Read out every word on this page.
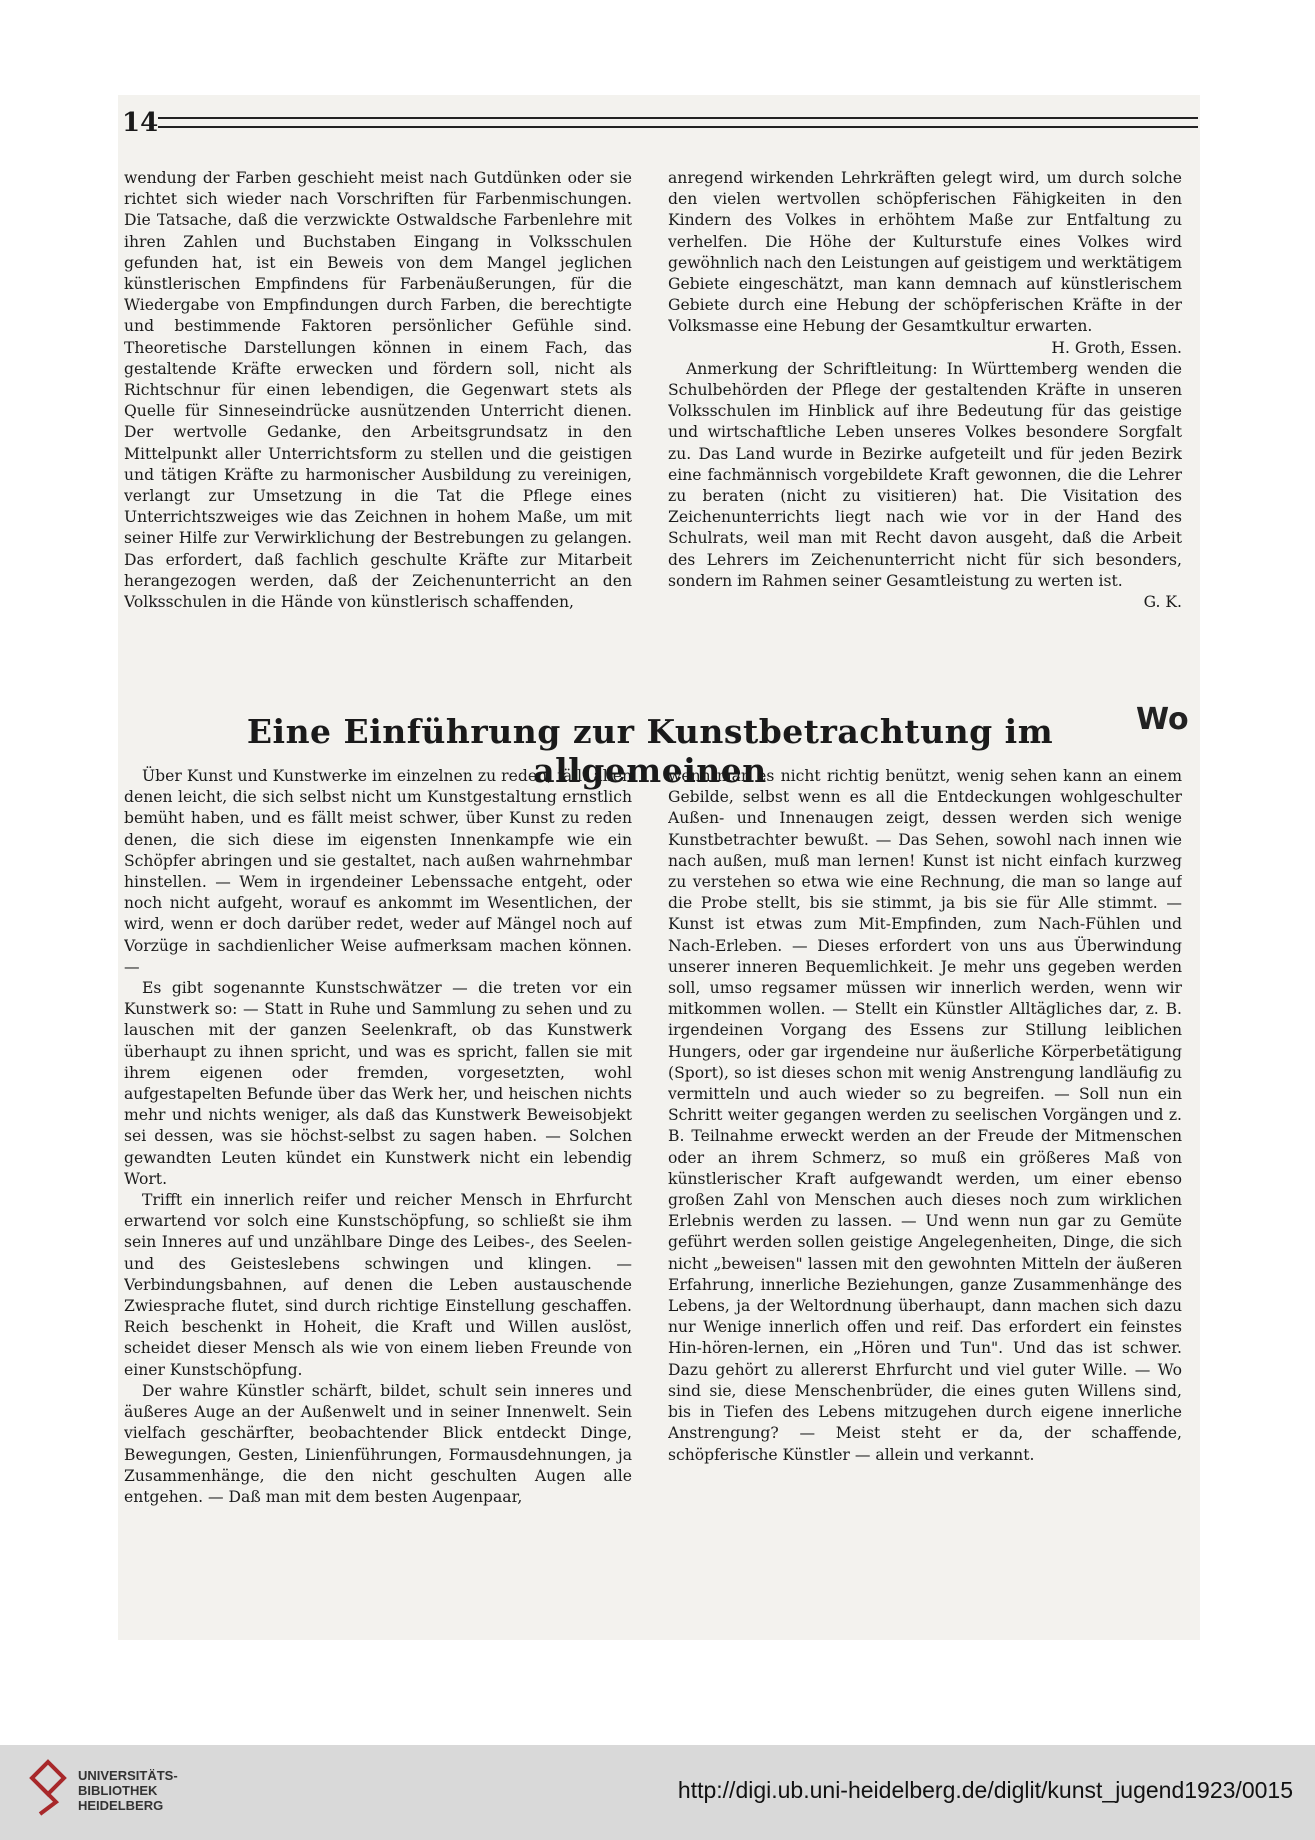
14

wendung der Farben geschieht meist nach Gutdünken oder sie richtet sich wieder nach Vorschriften für Farbenmischungen. Die Tatsache, daß die verzwickte Ostwaldsche Farbenlehre mit ihren Zahlen und Buchstaben Eingang in Volksschulen gefunden hat, ist ein Beweis von dem Mangel jeglichen künstlerischen Empfindens für Farbenäußerungen, für die Wiedergabe von Empfindungen durch Farben, die berechtigte und bestimmende Faktoren persönlicher Gefühle sind. Theoretische Darstellungen können in einem Fach, das gestaltende Kräfte erwecken und fördern soll, nicht als Richtschnur für einen lebendigen, die Gegenwart stets als Quelle für Sinneseindrücke ausnützenden Unterricht dienen. Der wertvolle Gedanke, den Arbeitsgrundsatz in den Mittelpunkt aller Unterrichtsform zu stellen und die geistigen und tätigen Kräfte zu harmonischer Ausbildung zu vereinigen, verlangt zur Umsetzung in die Tat die Pflege eines Unterrichtszweiges wie das Zeichnen in hohem Maße, um mit seiner Hilfe zur Verwirklichung der Bestrebungen zu gelangen. Das erfordert, daß fachlich geschulte Kräfte zur Mitarbeit herangezogen werden, daß der Zeichenunterricht an den Volksschulen in die Hände von künstlerisch schaffenden,

anregend wirkenden Lehrkräften gelegt wird, um durch solche den vielen wertvollen schöpferischen Fähigkeiten in den Kindern des Volkes in erhöhtem Maße zur Entfaltung zu verhelfen. Die Höhe der Kulturstufe eines Volkes wird gewöhnlich nach den Leistungen auf geistigem und werktätigem Gebiete eingeschätzt, man kann demnach auf künstlerischem Gebiete durch eine Hebung der schöpferischen Kräfte in der Volksmasse eine Hebung der Gesamtkultur erwarten.

H. Groth, Essen.

Anmerkung der Schriftleitung: In Württemberg wenden die Schulbehörden der Pflege der gestaltenden Kräfte in unseren Volksschulen im Hinblick auf ihre Bedeutung für das geistige und wirtschaftliche Leben unseres Volkes besondere Sorgfalt zu. Das Land wurde in Bezirke aufgeteilt und für jeden Bezirk eine fachmännisch vorgebildete Kraft gewonnen, die die Lehrer zu beraten (nicht zu visitieren) hat. Die Visitation des Zeichenunterrichts liegt nach wie vor in der Hand des Schulrats, weil man mit Recht davon ausgeht, daß die Arbeit des Lehrers im Zeichenunterricht nicht für sich besonders, sondern im Rahmen seiner Gesamtleistung zu werten ist.

G. K.

Eine Einführung zur Kunstbetrachtung im allgemeinen
Wo

Über Kunst und Kunstwerke im einzelnen zu reden, fällt allen denen leicht, die sich selbst nicht um Kunstgestaltung ernstlich bemüht haben, und es fällt meist schwer, über Kunst zu reden denen, die sich diese im eigensten Innenkampfe wie ein Schöpfer abringen und sie gestaltet, nach außen wahrnehmbar hinstellen. — Wem in irgendeiner Lebenssache entgeht, oder noch nicht aufgeht, worauf es ankommt im Wesentlichen, der wird, wenn er doch darüber redet, weder auf Mängel noch auf Vorzüge in sachdienlicher Weise aufmerksam machen können. —

Es gibt sogenannte Kunstschwätzer — die treten vor ein Kunstwerk so: — Statt in Ruhe und Sammlung zu sehen und zu lauschen mit der ganzen Seelenkraft, ob das Kunstwerk überhaupt zu ihnen spricht, und was es spricht, fallen sie mit ihrem eigenen oder fremden, vorgesetzten, wohl aufgestapelten Befunde über das Werk her, und heischen nichts mehr und nichts weniger, als daß das Kunstwerk Beweisobjekt sei dessen, was sie höchst-selbst zu sagen haben. — Solchen gewandten Leuten kündet ein Kunstwerk nicht ein lebendig Wort.

Trifft ein innerlich reifer und reicher Mensch in Ehrfurcht erwartend vor solch eine Kunstschöpfung, so schließt sie ihm sein Inneres auf und unzählbare Dinge des Leibes-, des Seelen- und des Geisteslebens schwingen und klingen. — Verbindungsbahnen, auf denen die Leben austauschende Zwiesprache flutet, sind durch richtige Einstellung geschaffen. Reich beschenkt in Hoheit, die Kraft und Willen auslöst, scheidet dieser Mensch als wie von einem lieben Freunde von einer Kunstschöpfung.

Der wahre Künstler schärft, bildet, schult sein inneres und äußeres Auge an der Außenwelt und in seiner Innenwelt. Sein vielfach geschärfter, beobachtender Blick entdeckt Dinge, Bewegungen, Gesten, Linienführungen, Formausdehnungen, ja Zusammenhänge, die den nicht geschulten Augen alle entgehen. — Daß man mit dem besten Augenpaar,

wenn man es nicht richtig benützt, wenig sehen kann an einem Gebilde, selbst wenn es all die Entdeckungen wohlgeschulter Außen- und Innenaugen zeigt, dessen werden sich wenige Kunstbetrachter bewußt. — Das Sehen, sowohl nach innen wie nach außen, muß man lernen! Kunst ist nicht einfach kurzweg zu verstehen so etwa wie eine Rechnung, die man so lange auf die Probe stellt, bis sie stimmt, ja bis sie für Alle stimmt. — Kunst ist etwas zum Mit-Empfinden, zum Nach-Fühlen und Nach-Erleben. — Dieses erfordert von uns aus Überwindung unserer inneren Bequemlichkeit. Je mehr uns gegeben werden soll, umso regsamer müssen wir innerlich werden, wenn wir mitkommen wollen. — Stellt ein Künstler Alltägliches dar, z. B. irgendeinen Vorgang des Essens zur Stillung leiblichen Hungers, oder gar irgendeine nur äußerliche Körperbetätigung (Sport), so ist dieses schon mit wenig Anstrengung landläufig zu vermitteln und auch wieder so zu begreifen. — Soll nun ein Schritt weiter gegangen werden zu seelischen Vorgängen und z. B. Teilnahme erweckt werden an der Freude der Mitmenschen oder an ihrem Schmerz, so muß ein größeres Maß von künstlerischer Kraft aufgewandt werden, um einer ebenso großen Zahl von Menschen auch dieses noch zum wirklichen Erlebnis werden zu lassen. — Und wenn nun gar zu Gemüte geführt werden sollen geistige Angelegenheiten, Dinge, die sich nicht „beweisen" lassen mit den gewohnten Mitteln der äußeren Erfahrung, innerliche Beziehungen, ganze Zusammenhänge des Lebens, ja der Weltordnung überhaupt, dann machen sich dazu nur Wenige innerlich offen und reif. Das erfordert ein feinstes Hin-hören-lernen, ein „Hören und Tun". Und das ist schwer. Dazu gehört zu allererst Ehrfurcht und viel guter Wille. — Wo sind sie, diese Menschenbrüder, die eines guten Willens sind, bis in Tiefen des Lebens mitzugehen durch eigene innerliche Anstrengung? — Meist steht er da, der schaffende, schöpferische Künstler — allein und verkannt.

UNIVERSITÄTS-
BIBLIOTHEK
HEIDELBERG
http://digi.ub.uni-heidelberg.de/diglit/kunst_jugend1923/0015
